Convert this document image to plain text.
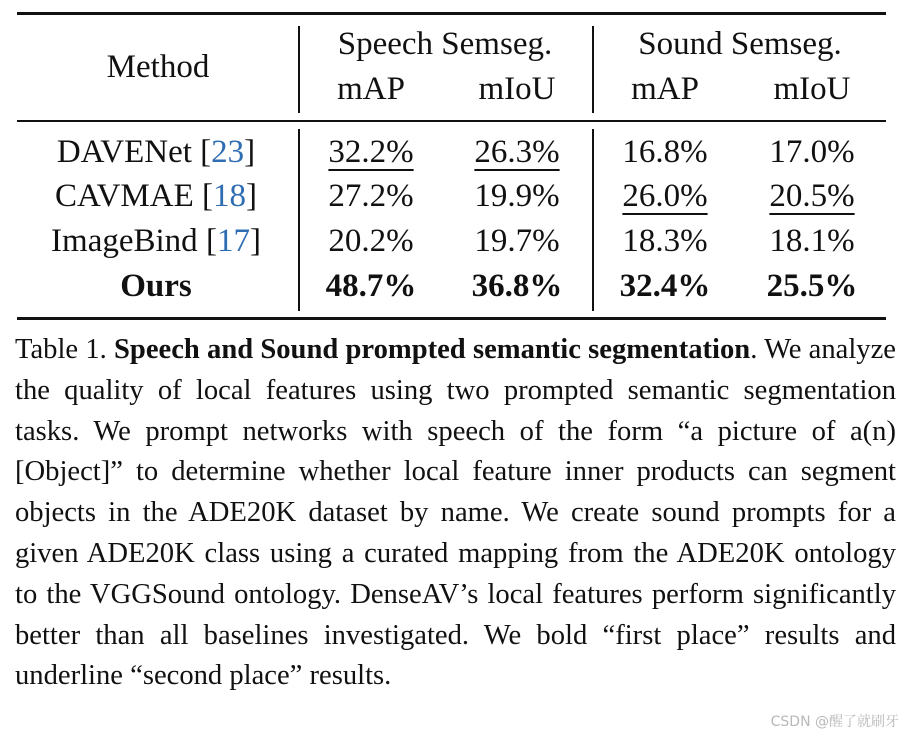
Method
Speech Semseg.	Sound Semseg.
mAP	mIoU	mAP	mIoU
DAVENet [23]	32.2%	26.3%	16.8%	17.0%
CAVMAE [18]	27.2%	19.9%	26.0%	20.5%
ImageBind [17]	20.2%	19.7%	18.3%	18.1%
Ours	48.7%	36.8%	32.4%	25.5%
Table 1. Speech and Sound prompted semantic segmentation. We analyze the quality of local features using two prompted semantic segmentation tasks. We prompt networks with speech of the form “a picture of a(n) [Object]” to determine whether local feature inner products can segment objects in the ADE20K dataset by name. We create sound prompts for a given ADE20K class using a curated mapping from the ADE20K ontology to the VGGSound ontology. DenseAV’s local features perform significantly better than all baselines investigated. We bold “first place” results and underline “second place” results.
CSDN @醒了就刷牙
